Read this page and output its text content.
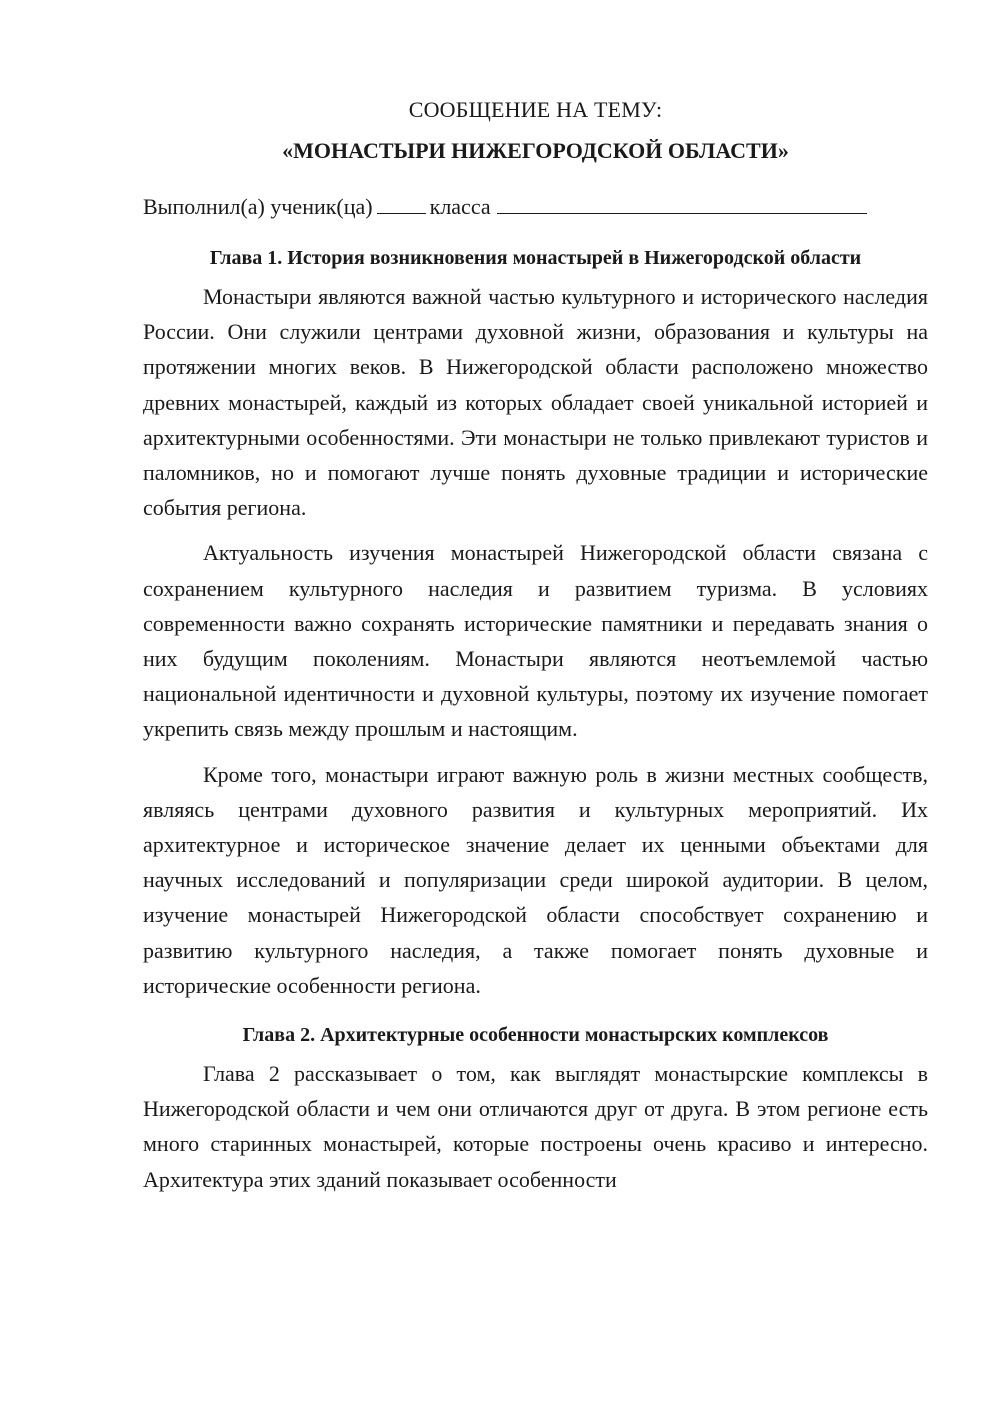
СООБЩЕНИЕ НА ТЕМУ:

«МОНАСТЫРИ НИЖЕГОРОДСКОЙ ОБЛАСТИ»

Выполнил(а) ученик(ца)	класса

Глава 1. История возникновения монастырей в Нижегородской области

Монастыри являются важной частью культурного и исторического наследия России. Они служили центрами духовной жизни, образования и культуры на протяжении многих веков. В Нижегородской области расположено множество древних монастырей, каждый из которых обладает своей уникальной историей и архитектурными особенностями. Эти монастыри не только привлекают туристов и паломников, но и помогают лучше понять духовные традиции и исторические события региона.

Актуальность изучения монастырей Нижегородской области связана с сохранением культурного наследия и развитием туризма. В условиях современности важно сохранять исторические памятники и передавать знания о них будущим поколениям. Монастыри являются неотъемлемой частью национальной идентичности и духовной культуры, поэтому их изучение помогает укрепить связь между прошлым и настоящим.

Кроме того, монастыри играют важную роль в жизни местных сообществ, являясь центрами духовного развития и культурных мероприятий. Их архитектурное и историческое значение делает их ценными объектами для научных исследований и популяризации среди широкой аудитории. В целом, изучение монастырей Нижегородской области способствует сохранению и развитию культурного наследия, а также помогает понять духовные и исторические особенности региона.

Глава 2. Архитектурные особенности монастырских комплексов

Глава 2 рассказывает о том, как выглядят монастырские комплексы в Нижегородской области и чем они отличаются друг от друга. В этом регионе есть много старинных монастырей, которые построены очень красиво и интересно. Архитектура этих зданий показывает особенности
